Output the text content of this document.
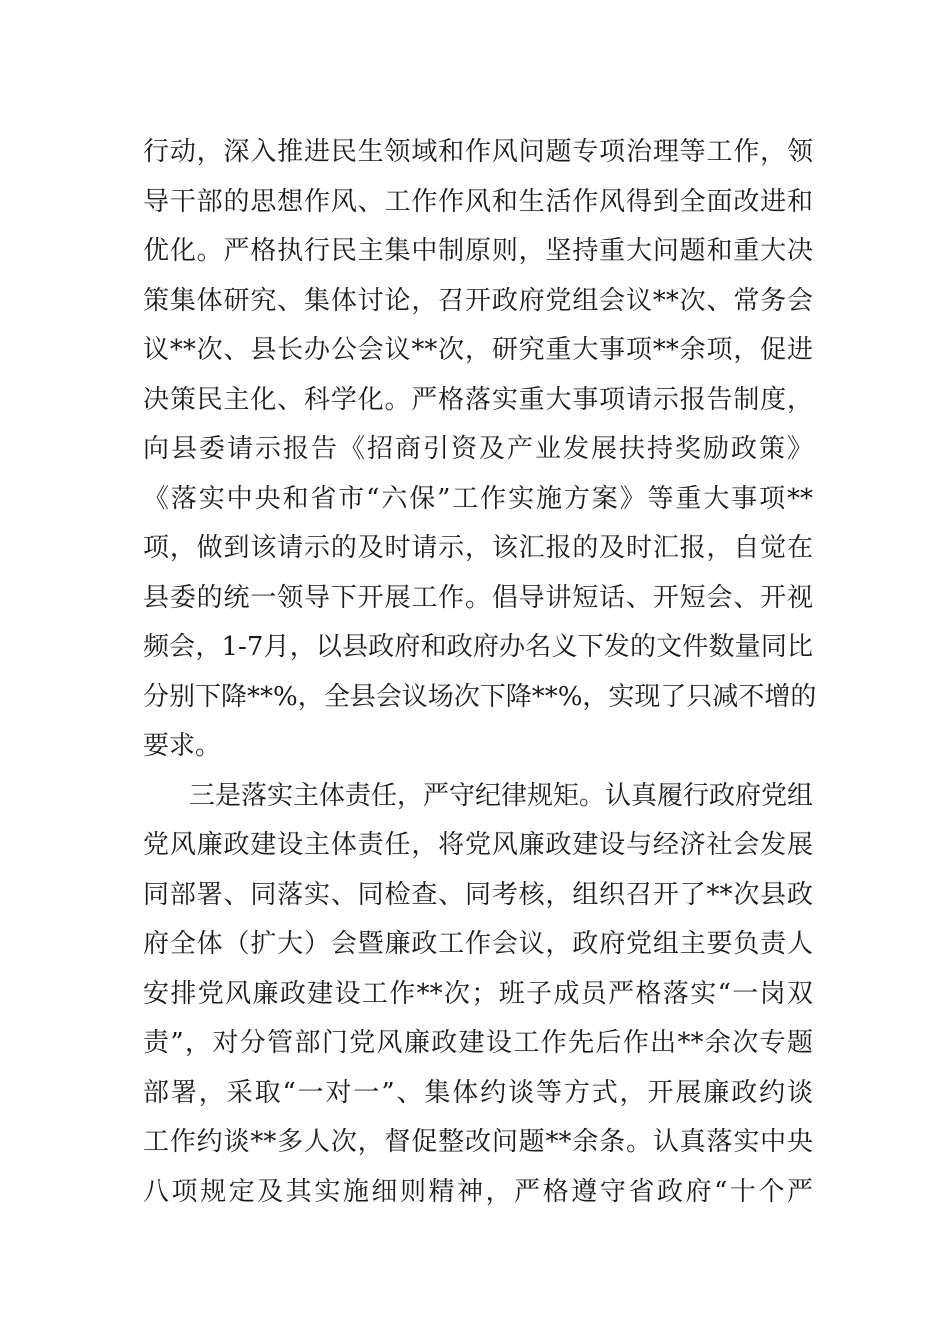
行动，深入推进民生领域和作风问题专项治理等工作，领
导干部的思想作风、工作作风和生活作风得到全面改进和
优化。严格执行民主集中制原则，坚持重大问题和重大决
策集体研究、集体讨论，召开政府党组会议**次、常务会
议**次、县长办公会议**次，研究重大事项**余项，促进
决策民主化、科学化。严格落实重大事项请示报告制度，
向县委请示报告《招商引资及产业发展扶持奖励政策》
《落实中央和省市“六保”工作实施方案》等重大事项**
项，做到该请示的及时请示，该汇报的及时汇报，自觉在
县委的统一领导下开展工作。倡导讲短话、开短会、开视
频会，1-7月，以县政府和政府办名义下发的文件数量同比
分别下降**%，全县会议场次下降**%，实现了只减不增的
要求。
三是落实主体责任，严守纪律规矩。认真履行政府党组
党风廉政建设主体责任，将党风廉政建设与经济社会发展
同部署、同落实、同检查、同考核，组织召开了**次县政
府全体（扩大）会暨廉政工作会议，政府党组主要负责人
安排党风廉政建设工作**次；班子成员严格落实“一岗双
责”，对分管部门党风廉政建设工作先后作出**余次专题
部署，采取“一对一”、集体约谈等方式，开展廉政约谈
工作约谈**多人次，督促整改问题**余条。认真落实中央
八项规定及其实施细则精神，严格遵守省政府“十个严
